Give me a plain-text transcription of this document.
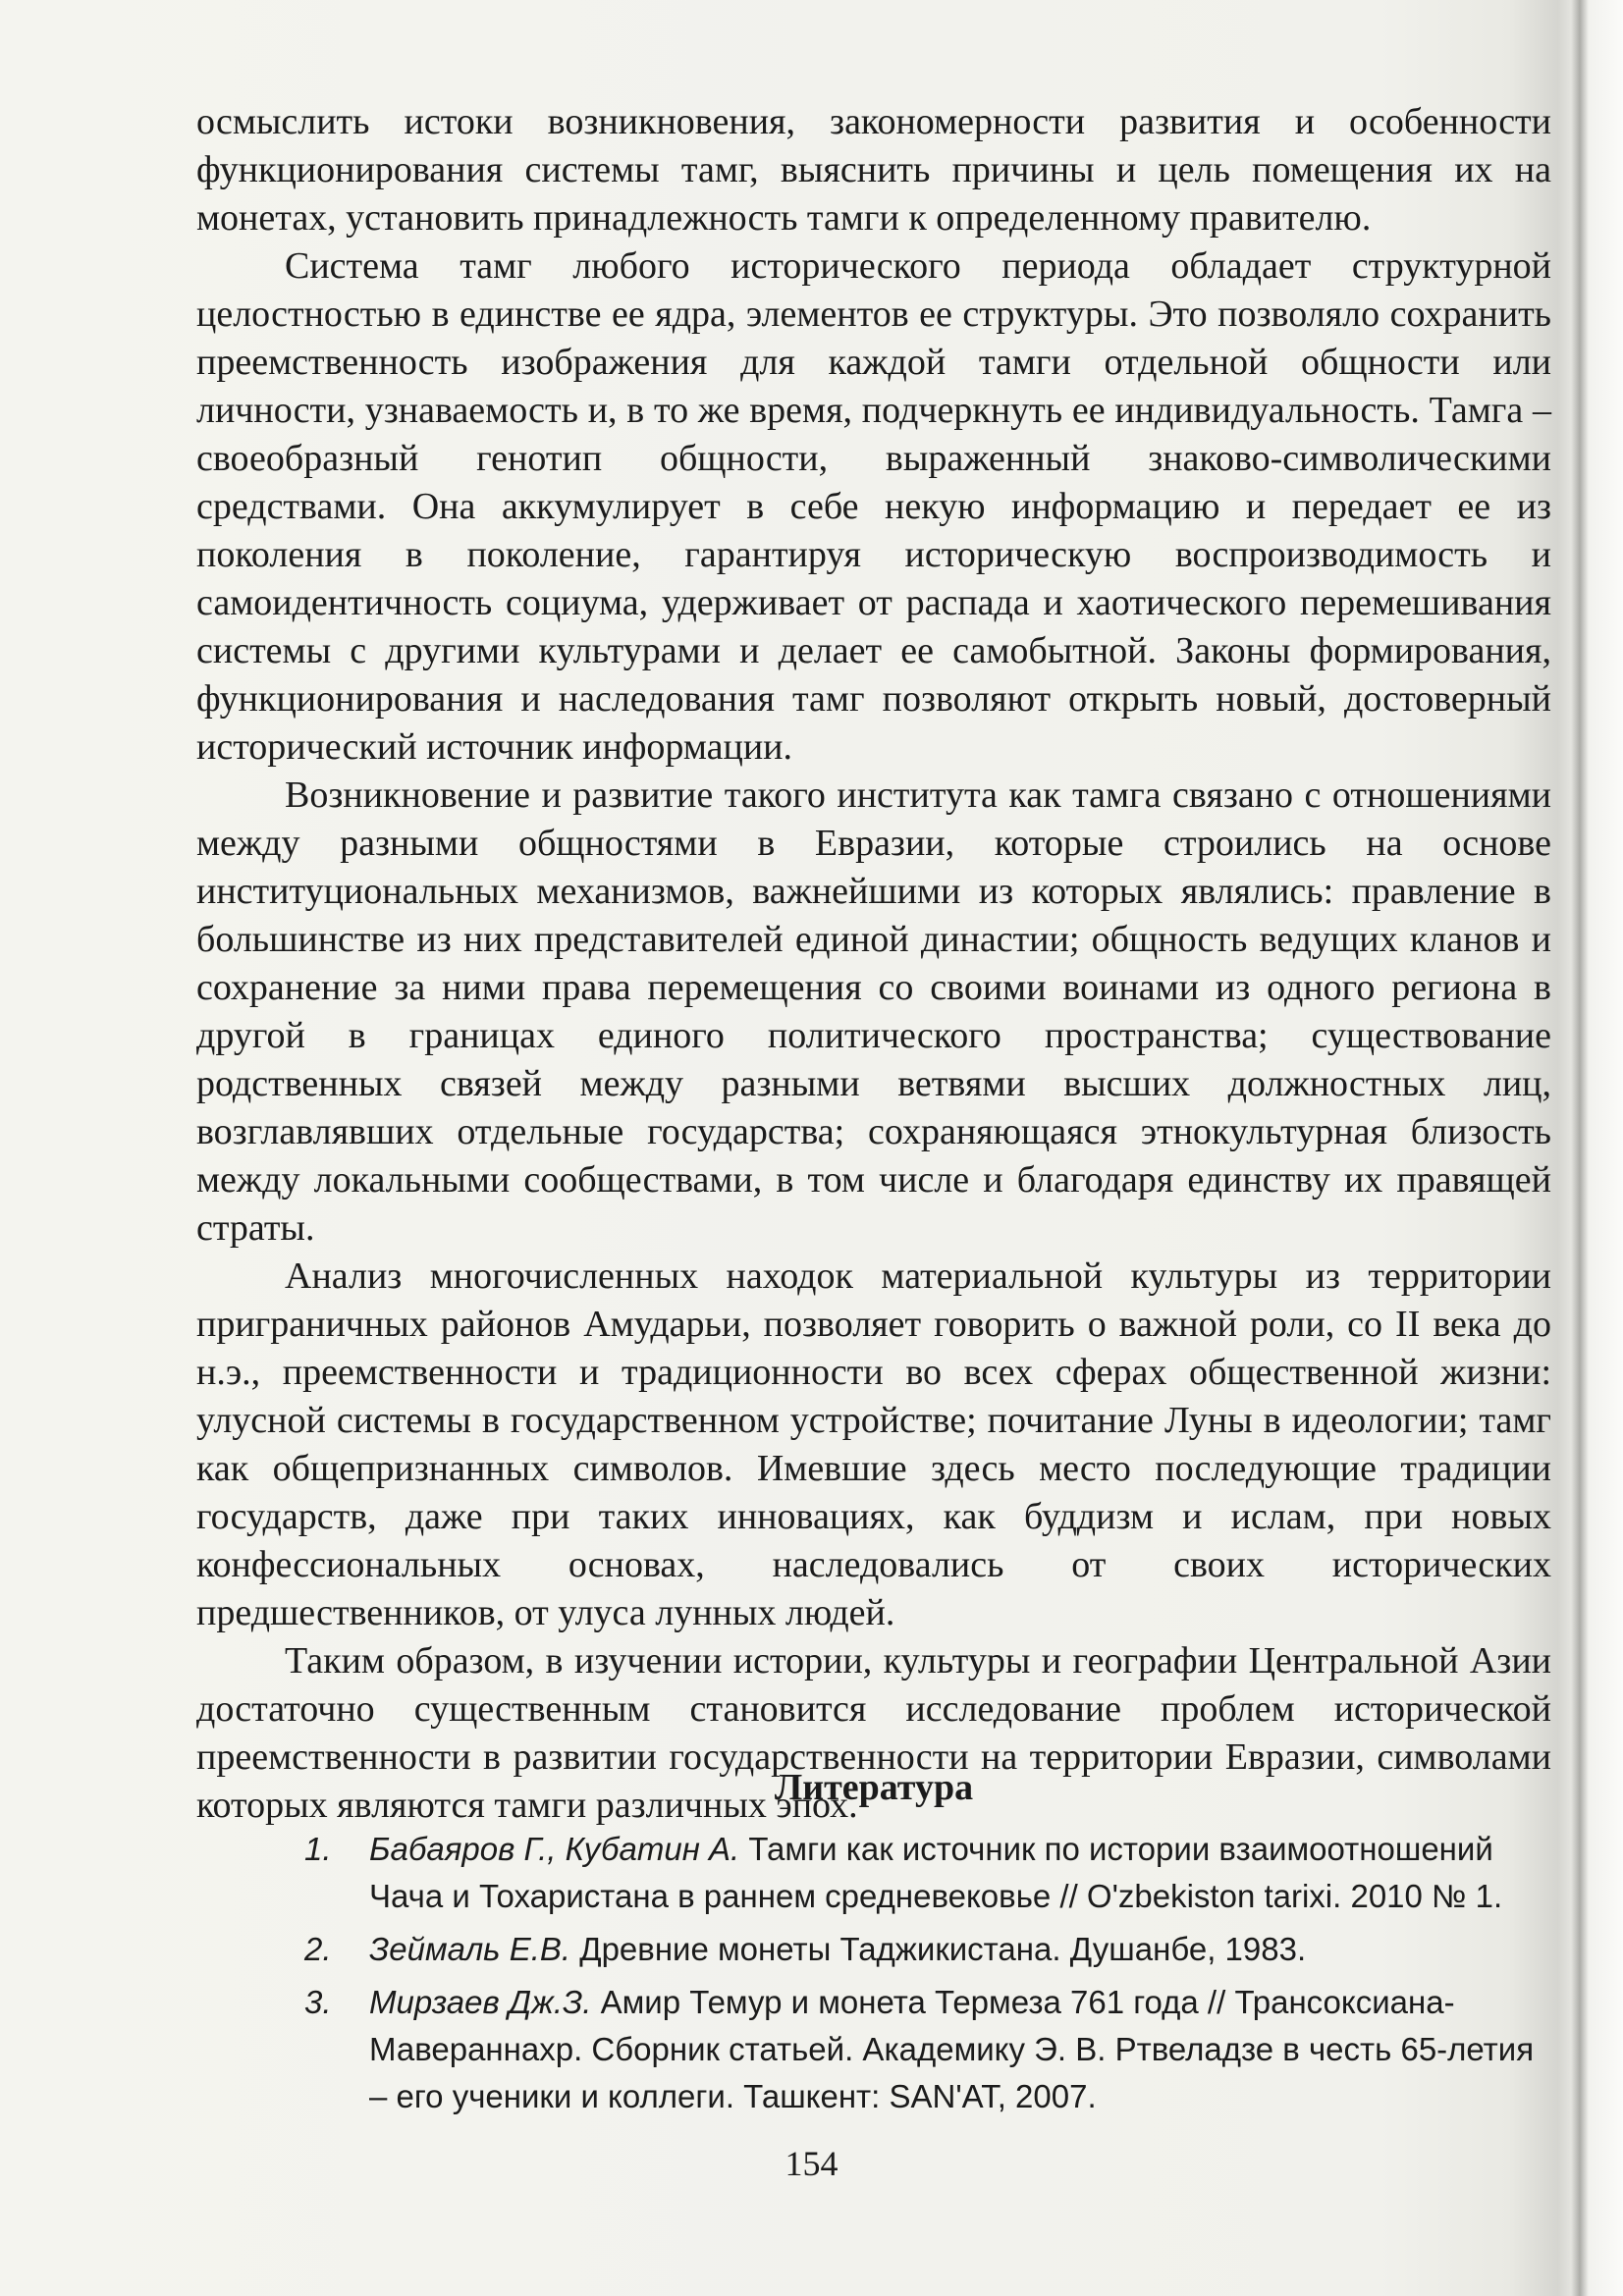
осмыслить истоки возникновения, закономерности развития и особенности функционирования системы тамг, выяснить причины и цель помещения их на монетах, установить принадлежность тамги к определенному правителю.

Система тамг любого исторического периода обладает структурной целостностью в единстве ее ядра, элементов ее структуры. Это позволяло сохранить преемственность изображения для каждой тамги отдельной общности или личности, узнаваемость и, в то же время, подчеркнуть ее индивидуальность. Тамга – своеобразный генотип общности, выраженный знаково-символическими средствами. Она аккумулирует в себе некую информацию и передает ее из поколения в поколение, гарантируя историческую воспроизводимость и самоидентичность социума, удерживает от распада и хаотического перемешивания системы с другими культурами и делает ее самобытной. Законы формирования, функционирования и наследования тамг позволяют открыть новый, достоверный исторический источник информации.

Возникновение и развитие такого института как тамга связано с отношениями между разными общностями в Евразии, которые строились на основе институциональных механизмов, важнейшими из которых являлись: правление в большинстве из них представителей единой династии; общность ведущих кланов и сохранение за ними права перемещения со своими воинами из одного региона в другой в границах единого политического пространства; существование родственных связей между разными ветвями высших должностных лиц, возглавлявших отдельные государства; сохраняющаяся этнокультурная близость между локальными сообществами, в том числе и благодаря единству их правящей страты.

Анализ многочисленных находок материальной культуры из территории приграничных районов Амударьи, позволяет говорить о важной роли, со II века до н.э., преемственности и традиционности во всех сферах общественной жизни: улусной системы в государственном устройстве; почитание Луны в идеологии; тамг как общепризнанных символов. Имевшие здесь место последующие традиции государств, даже при таких инновациях, как буддизм и ислам, при новых конфессиональных основах, наследовались от своих исторических предшественников, от улуса лунных людей.

Таким образом, в изучении истории, культуры и географии Центральной Азии достаточно существенным становится исследование проблем исторической преемственности в развитии государственности на территории Евразии, символами которых являются тамги различных эпох.

Литература
1. Бабаяров Г., Кубатин А. Тамги как источник по истории взаимоотношений Чача и Тохаристана в раннем средневековье // O'zbekiston tarixi. 2010 № 1.
2. Зеймаль Е.В. Древние монеты Таджикистана. Душанбе, 1983.
3. Мирзаев Дж.З. Амир Темур и монета Термеза 761 года // Трансоксиана-Мавераннахр. Сборник статьей. Академику Э. В. Ртвеладзе в честь 65-летия – его ученики и коллеги. Ташкент: SAN'AT, 2007.
154
